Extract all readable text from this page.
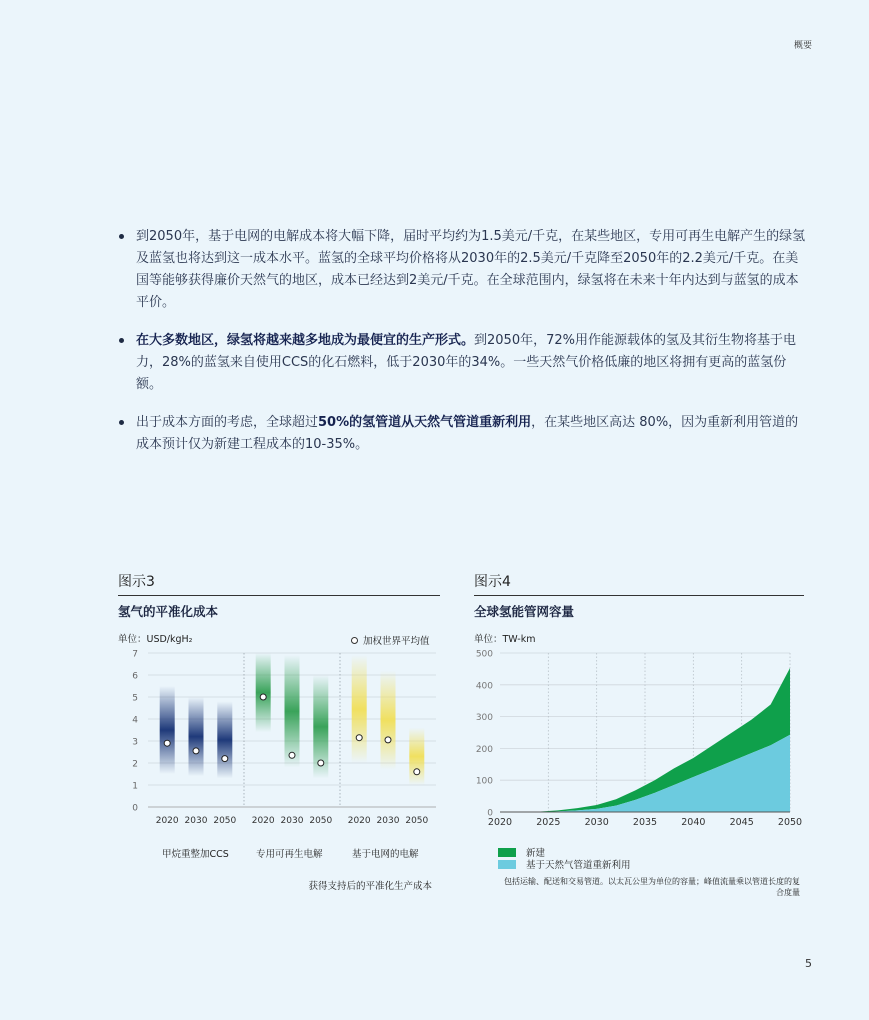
概要
到2050年，基于电网的电解成本将大幅下降，届时平均约为1.5美元/千克，在某些地区，专用可再生电解产生的绿氢及蓝氢也将达到这一成本水平。蓝氢的全球平均价格将从2030年的2.5美元/千克降至2050年的2.2美元/千克。在美国等能够获得廉价天然气的地区，成本已经达到2美元/千克。在全球范围内，绿氢将在未来十年内达到与蓝氢的成本平价。
在大多数地区，绿氢将越来越多地成为最便宜的生产形式。到2050年，72%用作能源载体的氢及其衍生物将基于电力，28%的蓝氢来自使用CCS的化石燃料，低于2030年的34%。一些天然气价格低廉的地区将拥有更高的蓝氢份额。
出于成本方面的考虑，全球超过50%的氢管道从天然气管道重新利用，在某些地区高达 80%，因为重新利用管道的成本预计仅为新建工程成本的10-35%。
图示3
氢气的平准化成本
单位：USD/kgH₂	加权世界平均值
0
1
2
3
4
5
6
7
2020 2030 2050 2020 2030 2050 2020 2030 2050
甲烷重整加CCS	专用可再生电解	基于电网的电解
获得支持后的平准化生产成本
图示4
全球氢能管网容量
单位：TW-km
0
100
200
300
400
500
2020	2025	2030	2035	2040	2045	2050
新建
基于天然气管道重新利用
包括运输、配送和交易管道。以太瓦公里为单位的容量；峰值流量乘以管道长度的复合度量
5
